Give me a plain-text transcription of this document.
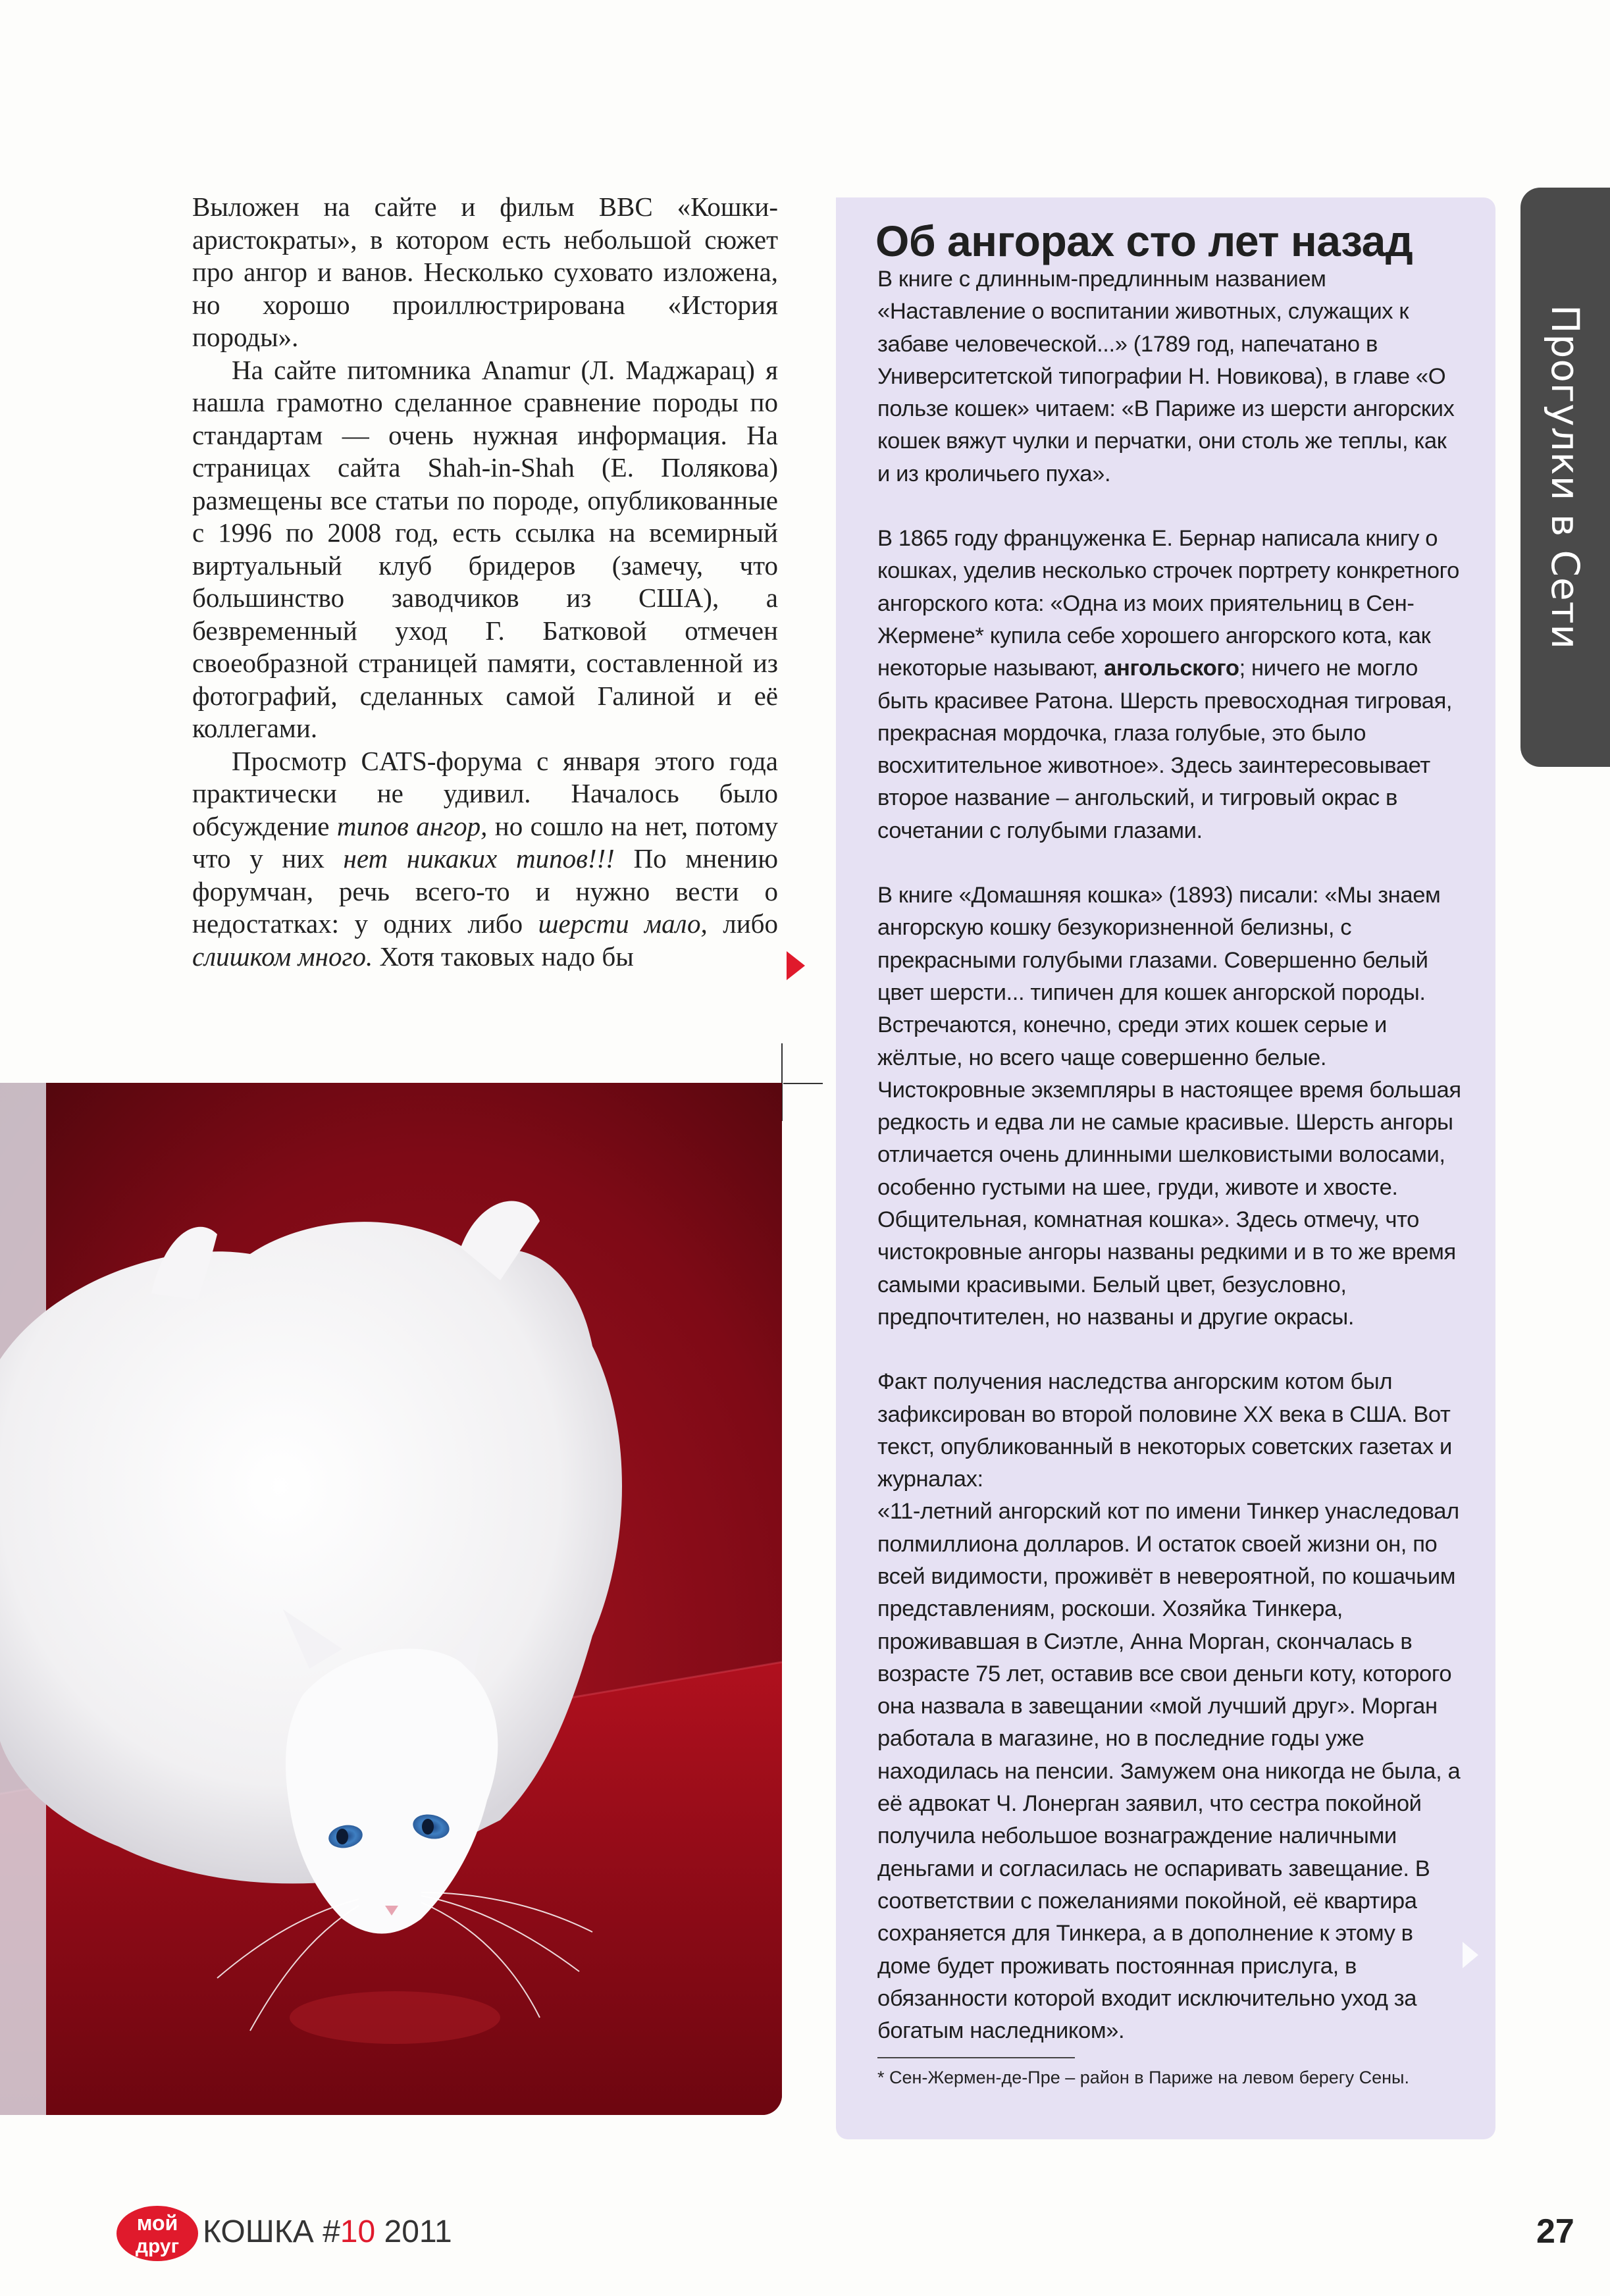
Выложен на сайте и фильм BBC «Кошки-аристократы», в котором есть небольшой сюжет про ангор и ванов. Несколько суховато изложена, но хорошо проиллюстрирована «История породы».

На сайте питомника Anamur (Л. Маджарац) я нашла грамотно сделанное сравнение породы по стандартам — очень нужная информация. На страницах сайта Shah-in-Shah (Е. Полякова) размещены все статьи по породе, опубликованные с 1996 по 2008 год, есть ссылка на всемирный виртуальный клуб бридеров (замечу, что большинство заводчиков из США), а безвременный уход Г. Батковой отмечен своеобразной страницей памяти, составленной из фотографий, сделанных самой Галиной и её коллегами.

Просмотр CATS-форума с января этого года практически не удивил. Началось было обсуждение типов ангор, но сошло на нет, потому что у них нет никаких типов!!! По мнению форумчан, речь всего-то и нужно вести о недостатках: у одних либо шерсти мало, либо слишком много. Хотя таковых надо бы

Об ангорах сто лет назад

В книге с длинным-предлинным названием «Наставление о воспитании животных, служащих к забаве человеческой...» (1789 год, напечатано в Университетской типографии Н. Новикова), в главе «О пользе кошек» читаем: «В Париже из шерсти ангорских кошек вяжут чулки и перчатки, они столь же теплы, как и из кроличьего пуха».

В 1865 году француженка Е. Бернар написала книгу о кошках, уделив несколько строчек портрету конкретного ангорского кота: «Одна из моих приятельниц в Сен-Жермене* купила себе хорошего ангорского кота, как некоторые называют, ангольского; ничего не могло быть красивее Ратона. Шерсть превосходная тигровая, прекрасная мордочка, глаза голубые, это было восхитительное животное». Здесь заинтересовывает второе название – ангольский, и тигровый окрас в сочетании с голубыми глазами.

В книге «Домашняя кошка» (1893) писали: «Мы знаем ангорскую кошку безукоризненной белизны, с прекрасными голубыми глазами. Совершенно белый цвет шерсти... типичен для кошек ангорской породы. Встречаются, конечно, среди этих кошек серые и жёлтые, но всего чаще совершенно белые. Чистокровные экземпляры в настоящее время большая редкость и едва ли не самые красивые. Шерсть ангоры отличается очень длинными шелковистыми волосами, особенно густыми на шее, груди, животе и хвосте. Общительная, комнатная кошка». Здесь отмечу, что чистокровные ангоры названы редкими и в то же время самыми красивыми. Белый цвет, безусловно, предпочтителен, но названы и другие окрасы.

Факт получения наследства ангорским котом был зафиксирован во второй половине XX века в США. Вот текст, опубликованный в некоторых советских газетах и журналах:

«11-летний ангорский кот по имени Тинкер унаследовал полмиллиона долларов. И остаток своей жизни он, по всей видимости, проживёт в невероятной, по кошачьим представлениям, роскоши. Хозяйка Тинкера, проживавшая в Сиэтле, Анна Морган, скончалась в возрасте 75 лет, оставив все свои деньги коту, которого она назвала в завещании «мой лучший друг». Морган работала в магазине, но в последние годы уже находилась на пенсии. Замужем она никогда не была, а её адвокат Ч. Лонерган заявил, что сестра покойной получила небольшое вознаграждение наличными деньгами и согласилась не оспаривать завещание. В соответствии с пожеланиями покойной, её квартира сохраняется для Тинкера, а в дополнение к этому в доме будет проживать постоянная прислуга, в обязанности которой входит исключительно уход за богатым наследником».

* Сен-Жермен-де-Пре – район в Париже на левом берегу Сены.
Прогулки в Сети
мой
друг КОШКА #10 2011	27
